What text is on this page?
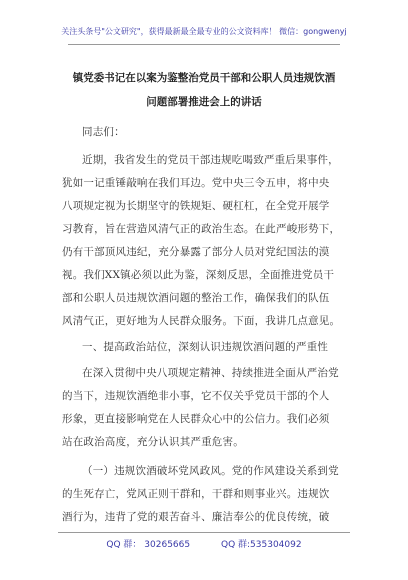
关注头条号"公文研究"，获得最新最全最专业的公文资料库！ 微信：gongwenyj
镇党委书记在以案为鉴整治党员干部和公职人员违规饮酒
问题部署推进会上的讲话
同志们：
近期，我省发生的党员干部违规吃喝致严重后果事件，
犹如一记重锤敲响在我们耳边。党中央三令五申，将中央
八项规定视为长期坚守的铁规矩、硬杠杠，在全党开展学
习教育，旨在营造风清气正的政治生态。在此严峻形势下，
仍有干部顶风违纪，充分暴露了部分人员对党纪国法的漠
视。我们XX镇必须以此为鉴，深刻反思，全面推进党员干
部和公职人员违规饮酒问题的整治工作，确保我们的队伍
风清气正，更好地为人民群众服务。下面，我讲几点意见。
一、提高政治站位，深刻认识违规饮酒问题的严重性
在深入贯彻中央八项规定精神、持续推进全面从严治党
的当下，违规饮酒绝非小事，它不仅关乎党员干部的个人
形象，更直接影响党在人民群众心中的公信力。我们必须
站在政治高度，充分认识其严重危害。
（一）违规饮酒破坏党风政风。党的作风建设关系到党
的生死存亡，党风正则干群和，干群和则事业兴。违规饮
酒行为，违背了党的艰苦奋斗、廉洁奉公的优良传统，破
QQ 群： 30265665	QQ 群:535304092
